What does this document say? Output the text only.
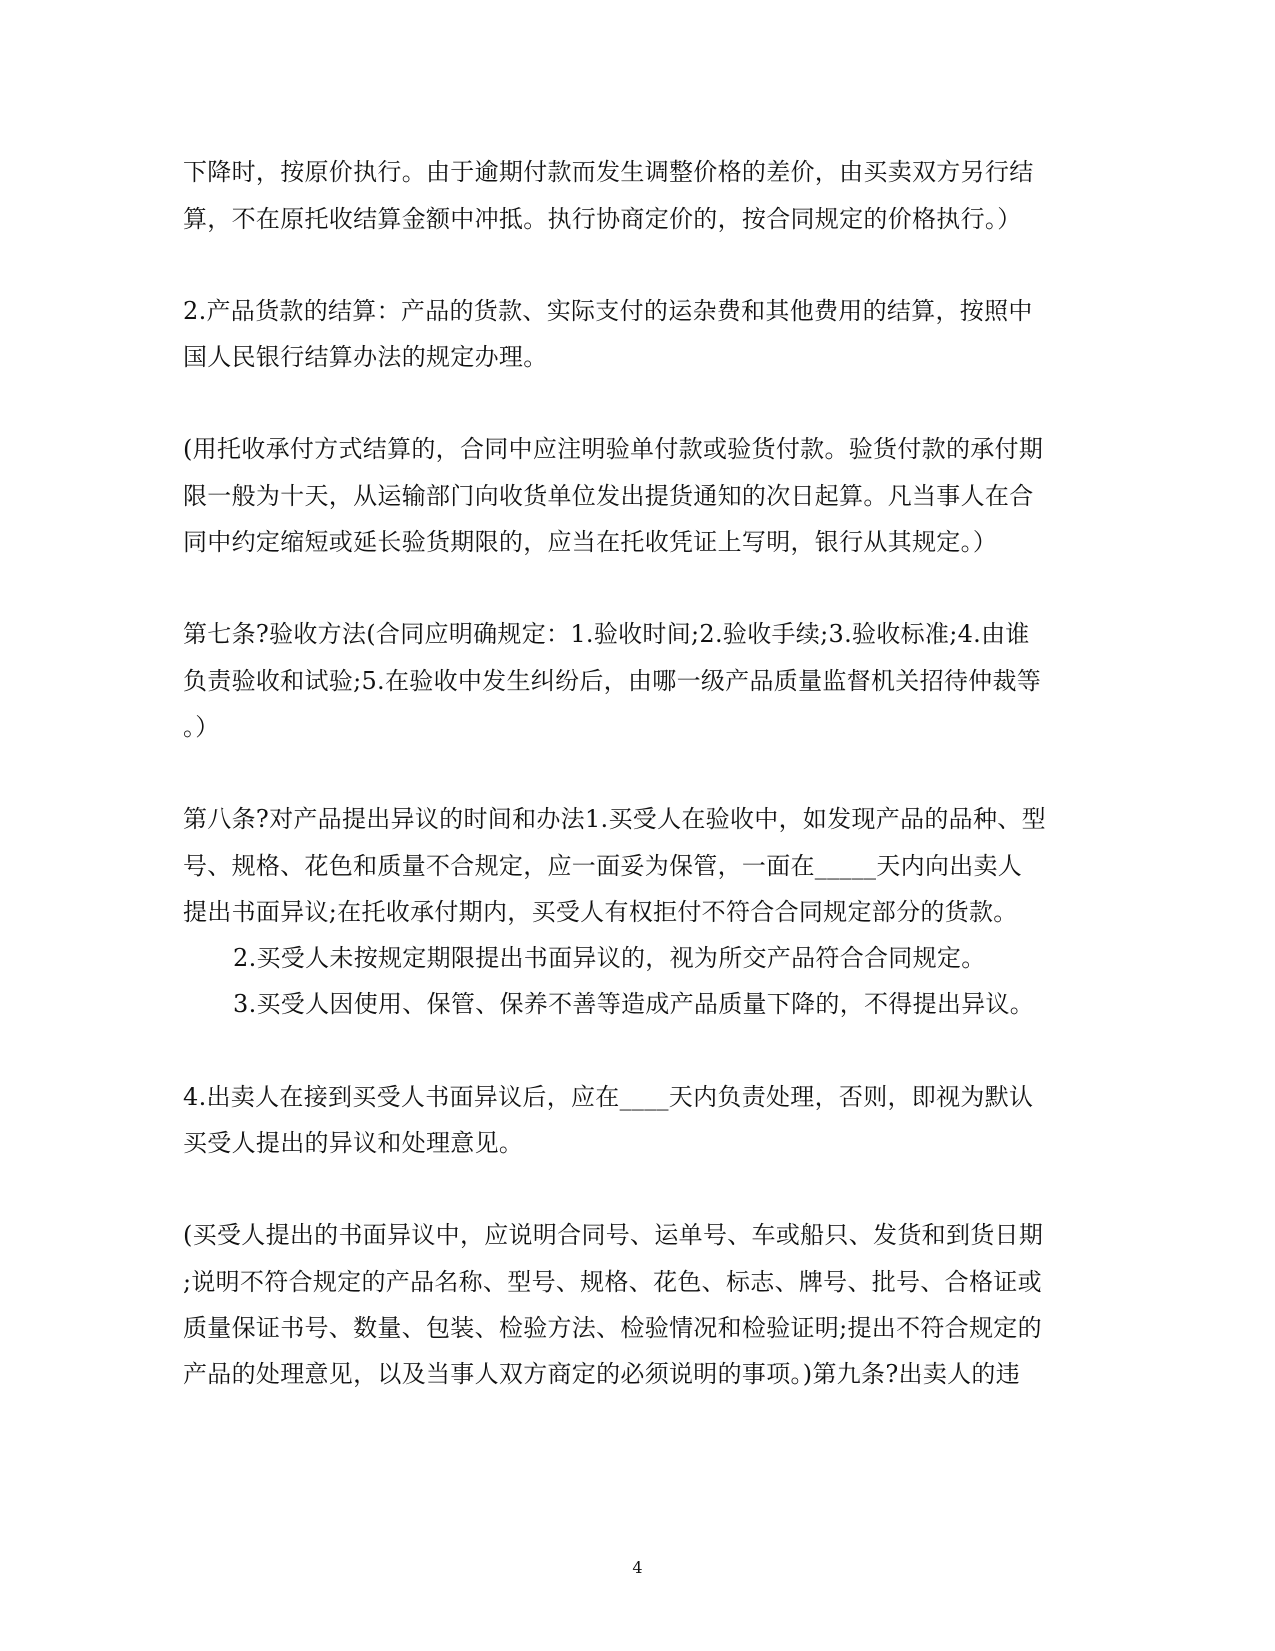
下降时，按原价执行。由于逾期付款而发生调整价格的差价，由买卖双方另行结
算，不在原托收结算金额中冲抵。执行协商定价的，按合同规定的价格执行。）
2.产品货款的结算：产品的货款、实际支付的运杂费和其他费用的结算，按照中
国人民银行结算办法的规定办理。
(用托收承付方式结算的，合同中应注明验单付款或验货付款。验货付款的承付期
限一般为十天，从运输部门向收货单位发出提货通知的次日起算。凡当事人在合
同中约定缩短或延长验货期限的，应当在托收凭证上写明，银行从其规定。）
第七条?验收方法(合同应明确规定：1.验收时间;2.验收手续;3.验收标准;4.由谁
负责验收和试验;5.在验收中发生纠纷后，由哪一级产品质量监督机关招待仲裁等
。）
第八条?对产品提出异议的时间和办法1.买受人在验收中，如发现产品的品种、型
号、规格、花色和质量不合规定，应一面妥为保管，一面在_____天内向出卖人
提出书面异议;在托收承付期内，买受人有权拒付不符合合同规定部分的货款。
2.买受人未按规定期限提出书面异议的，视为所交产品符合合同规定。
3.买受人因使用、保管、保养不善等造成产品质量下降的，不得提出异议。
4.出卖人在接到买受人书面异议后，应在____天内负责处理，否则，即视为默认
买受人提出的异议和处理意见。
(买受人提出的书面异议中，应说明合同号、运单号、车或船只、发货和到货日期
;说明不符合规定的产品名称、型号、规格、花色、标志、牌号、批号、合格证或
质量保证书号、数量、包装、检验方法、检验情况和检验证明;提出不符合规定的
产品的处理意见，以及当事人双方商定的必须说明的事项。)第九条?出卖人的违
4
